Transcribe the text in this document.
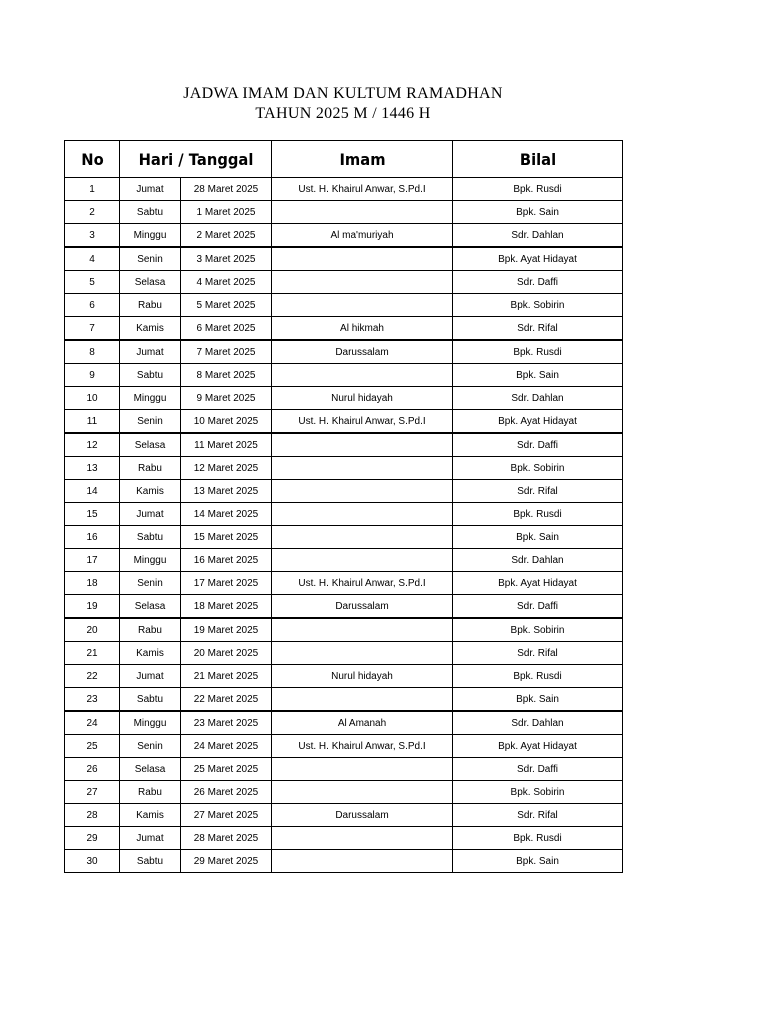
JADWA IMAM DAN KULTUM RAMADHAN
TAHUN 2025 M / 1446 H
No	Hari / Tanggal		Imam	Bilal
1	Jumat	28 Maret 2025	Ust. H. Khairul Anwar, S.Pd.I	Bpk. Rusdi
2	Sabtu	1 Maret 2025		Bpk. Sain
3	Minggu	2 Maret 2025	Al ma'muriyah	Sdr. Dahlan
4	Senin	3 Maret 2025		Bpk. Ayat Hidayat
5	Selasa	4 Maret 2025		Sdr. Daffi
6	Rabu	5 Maret 2025		Bpk. Sobirin
7	Kamis	6 Maret 2025	Al hikmah	Sdr. Rifal
8	Jumat	7 Maret 2025	Darussalam	Bpk. Rusdi
9	Sabtu	8 Maret 2025		Bpk. Sain
10	Minggu	9 Maret 2025	Nurul hidayah	Sdr. Dahlan
11	Senin	10 Maret 2025	Ust. H. Khairul Anwar, S.Pd.I	Bpk. Ayat Hidayat
12	Selasa	11 Maret 2025		Sdr. Daffi
13	Rabu	12 Maret 2025		Bpk. Sobirin
14	Kamis	13 Maret 2025		Sdr. Rifal
15	Jumat	14 Maret 2025		Bpk. Rusdi
16	Sabtu	15 Maret 2025		Bpk. Sain
17	Minggu	16 Maret 2025		Sdr. Dahlan
18	Senin	17 Maret 2025	Ust. H. Khairul Anwar, S.Pd.I	Bpk. Ayat Hidayat
19	Selasa	18 Maret 2025	Darussalam	Sdr. Daffi
20	Rabu	19 Maret 2025		Bpk. Sobirin
21	Kamis	20 Maret 2025		Sdr. Rifal
22	Jumat	21 Maret 2025	Nurul hidayah	Bpk. Rusdi
23	Sabtu	22 Maret 2025		Bpk. Sain
24	Minggu	23 Maret 2025	Al Amanah	Sdr. Dahlan
25	Senin	24 Maret 2025	Ust. H. Khairul Anwar, S.Pd.I	Bpk. Ayat Hidayat
26	Selasa	25 Maret 2025		Sdr. Daffi
27	Rabu	26 Maret 2025		Bpk. Sobirin
28	Kamis	27 Maret 2025	Darussalam	Sdr. Rifal
29	Jumat	28 Maret 2025		Bpk. Rusdi
30	Sabtu	29 Maret 2025		Bpk. Sain
